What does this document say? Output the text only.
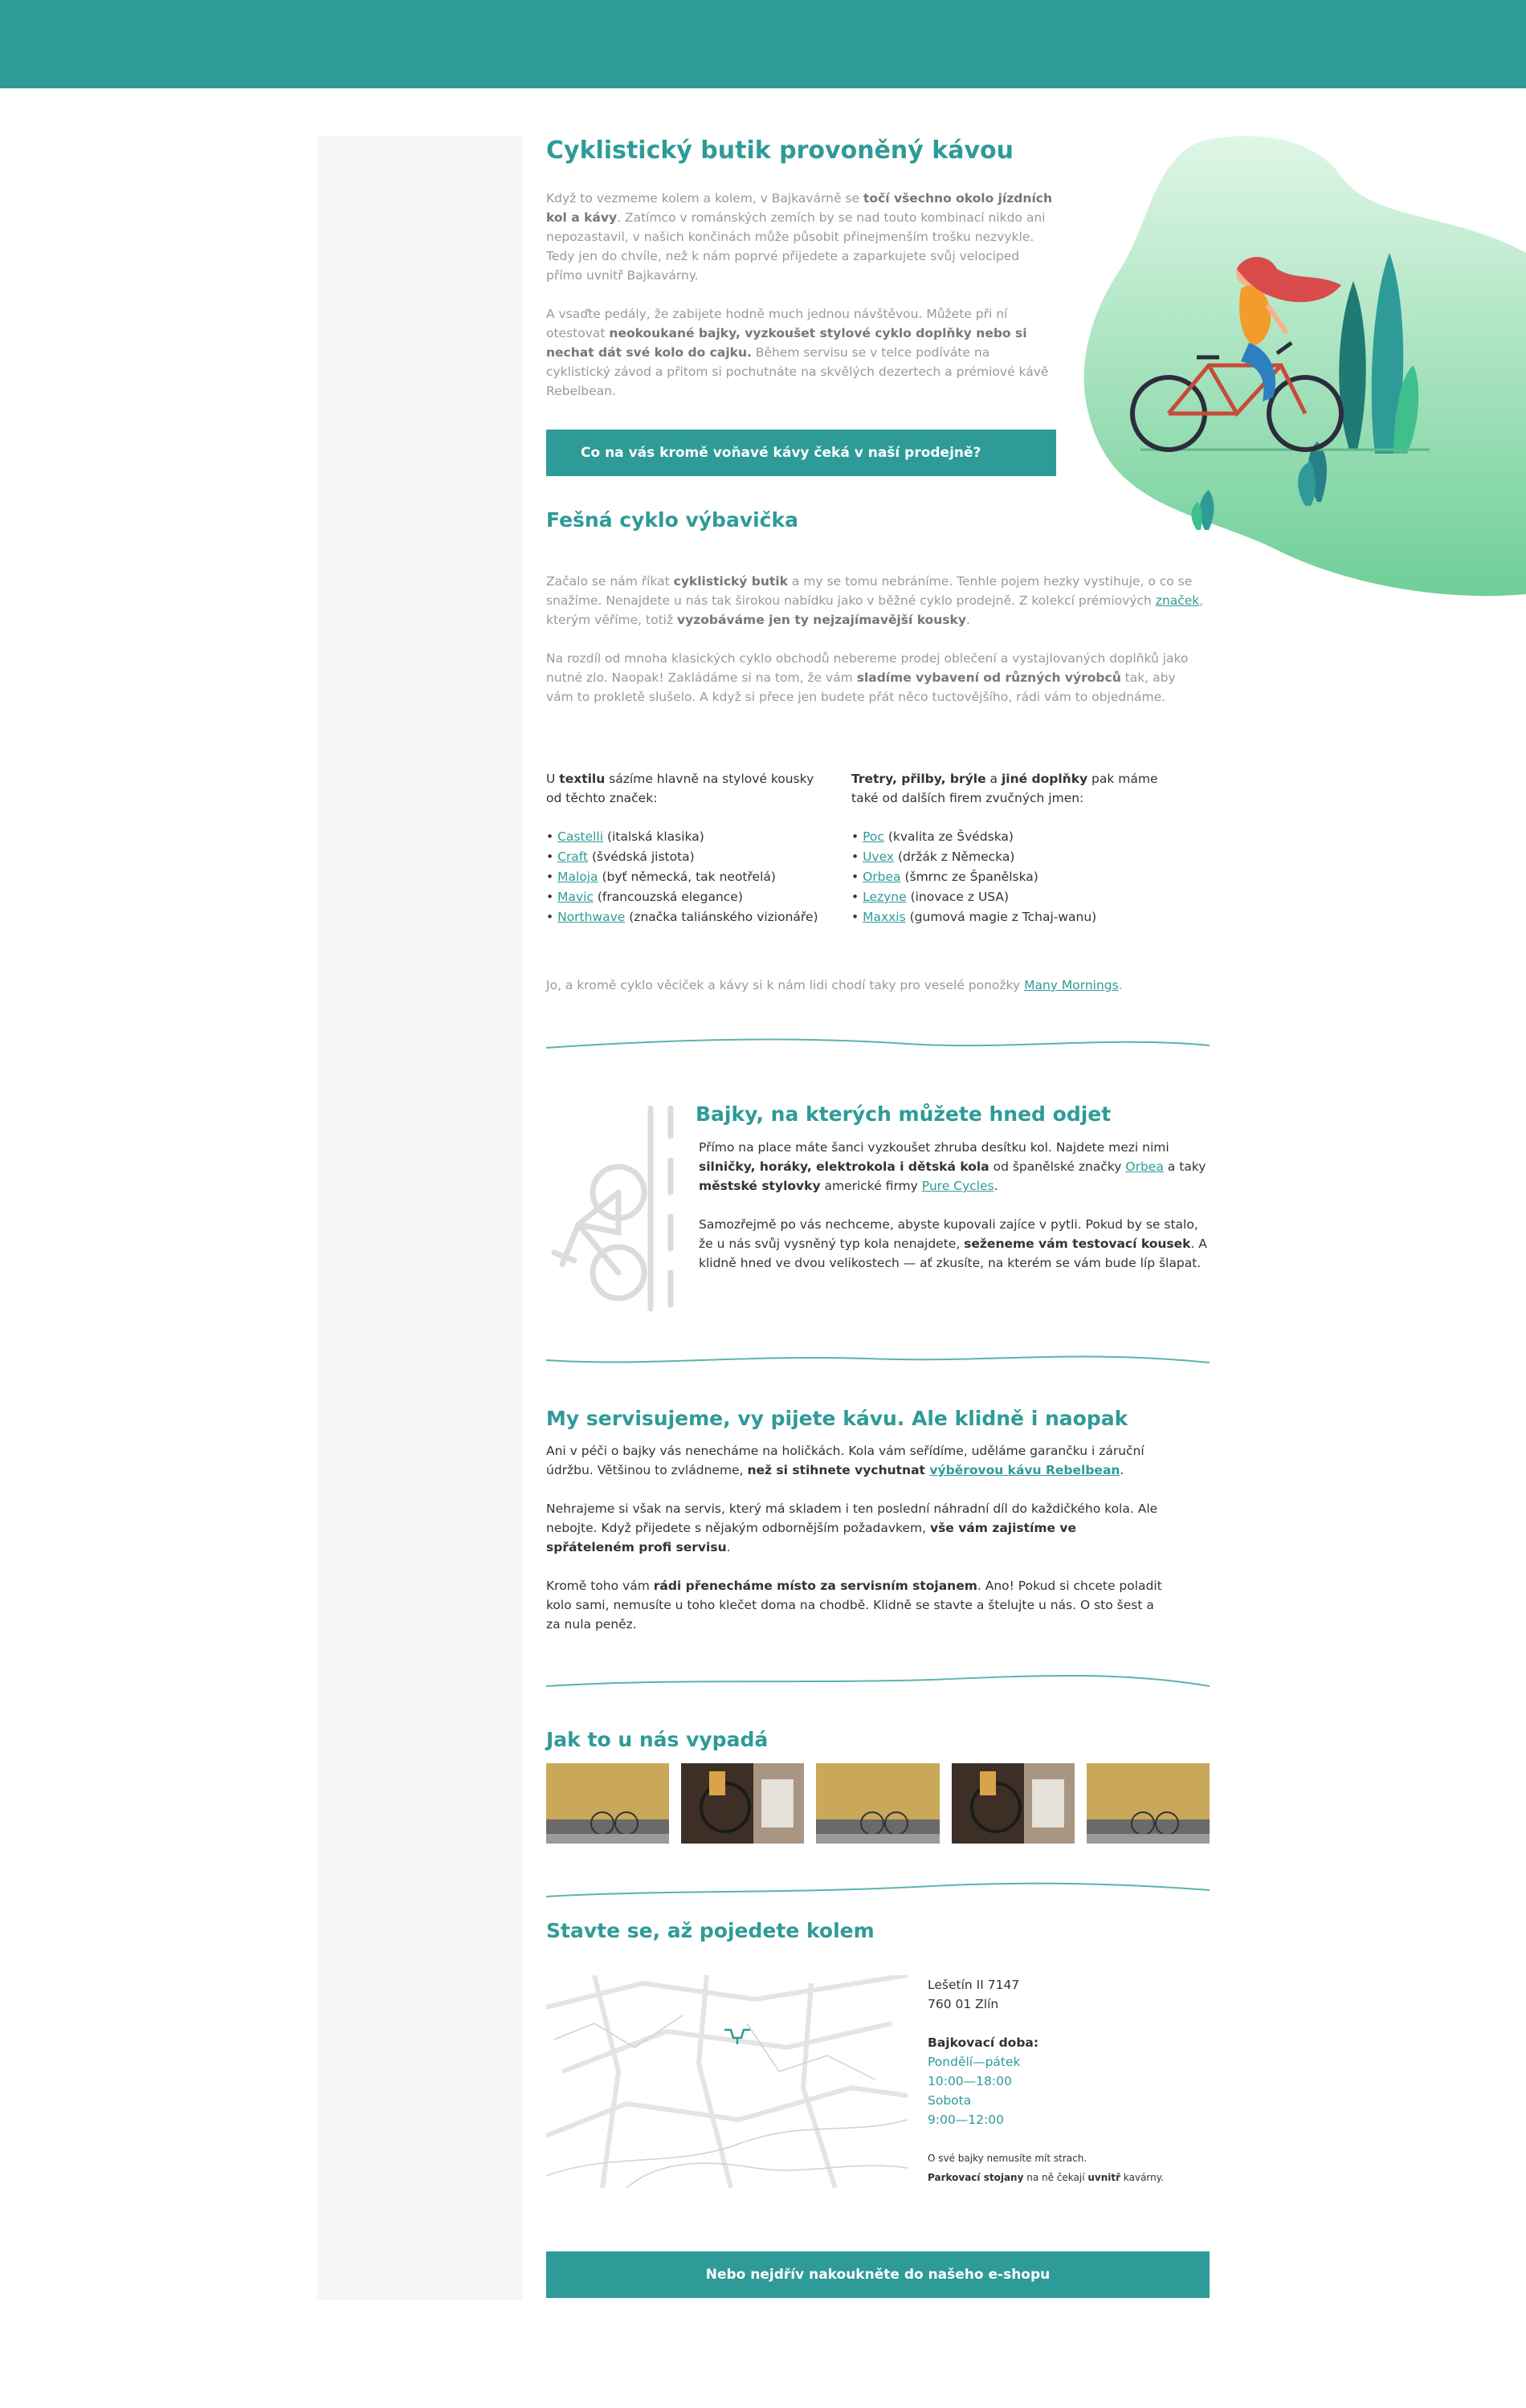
Cyklistický butik provoněný kávou

Když to vezmeme kolem a kolem, v Bajkavárně se točí všechno okolo jízdních kol a kávy. Zatímco v románských zemích by se nad touto kombinací nikdo ani nepozastavil, v našich končinách může působit přinejmenším trošku nezvykle. Tedy jen do chvíle, než k nám poprvé přijedete a zaparkujete svůj velociped přímo uvnitř Bajkavárny.

A vsaďte pedály, že zabijete hodně much jednou návštěvou. Můžete při ní otestovat neokoukané bajky, vyzkoušet stylové cyklo doplňky nebo si nechat dát své kolo do cajku. Během servisu se v telce podíváte na cyklistický závod a přitom si pochutnáte na skvělých dezertech a prémiové kávě Rebelbean.

Co na vás kromě voňavé kávy čeká v naší prodejně?
Fešná cyklo výbavička

Začalo se nám říkat cyklistický butik a my se tomu nebráníme. Tenhle pojem hezky vystihuje, o co se snažíme. Nenajdete u nás tak širokou nabídku jako v běžné cyklo prodejně. Z kolekcí prémiových značek, kterým věříme, totiž vyzobáváme jen ty nejzajímavější kousky.

Na rozdíl od mnoha klasických cyklo obchodů nebereme prodej oblečení a vystajlovaných doplňků jako nutné zlo. Naopak! Zakládáme si na tom, že vám sladíme vybavení od různých výrobců tak, aby vám to prokletě slušelo. A když si přece jen budete přát něco tuctovějšího, rádi vám to objednáme.

U textilu sázíme hlavně na stylové kousky od těchto značek:

• Castelli (italská klasika)
• Craft (švédská jistota)
• Maloja (byť německá, tak neotřelá)
• Mavic (francouzská elegance)
• Northwave (značka taliánského vizionáře)

Tretry, přilby, brýle a jiné doplňky pak máme také od dalších firem zvučných jmen:

• Poc (kvalita ze Švédska)
• Uvex (držák z Německa)
• Orbea (šmrnc ze Španělska)
• Lezyne (inovace z USA)
• Maxxis (gumová magie z Tchaj-wanu)
Jo, a kromě cyklo věciček a kávy si k nám lidi chodí taky pro veselé ponožky Many Mornings.
Bajky, na kterých můžete hned odjet

Přímo na place máte šanci vyzkoušet zhruba desítku kol. Najdete mezi nimi silničky, horáky, elektrokola i dětská kola od španělské značky Orbea a taky městské stylovky americké firmy Pure Cycles.

Samozřejmě po vás nechceme, abyste kupovali zajíce v pytli. Pokud by se stalo, že u nás svůj vysněný typ kola nenajdete, seženeme vám testovací kousek. A klidně hned ve dvou velikostech — ať zkusíte, na kterém se vám bude líp šlapat.

My servisujeme, vy pijete kávu. Ale klidně i naopak

Ani v péči o bajky vás nenecháme na holičkách. Kola vám seřídíme, uděláme garančku i záruční údržbu. Většinou to zvládneme, než si stihnete vychutnat výběrovou kávu Rebelbean.

Nehrajeme si však na servis, který má skladem i ten poslední náhradní díl do každičkého kola. Ale nebojte. Když přijedete s nějakým odbornějším požadavkem, vše vám zajistíme ve spřáteleném profi servisu.

Kromě toho vám rádi přenecháme místo za servisním stojanem. Ano! Pokud si chcete poladit kolo sami, nemusíte u toho klečet doma na chodbě. Klidně se stavte a štelujte u nás. O sto šest a za nula peněz.

Jak to u nás vypadá
Stavte se, až pojedete kolem
Lešetín II 7147
760 01 Zlín
Bajkovací doba:
Pondělí—pátek
10:00—18:00
Sobota
9:00—12:00
O své bajky nemusíte mít strach.
Parkovací stojany na ně čekají uvnitř kavárny.
Nebo nejdřív nakoukněte do našeho e-shopu
